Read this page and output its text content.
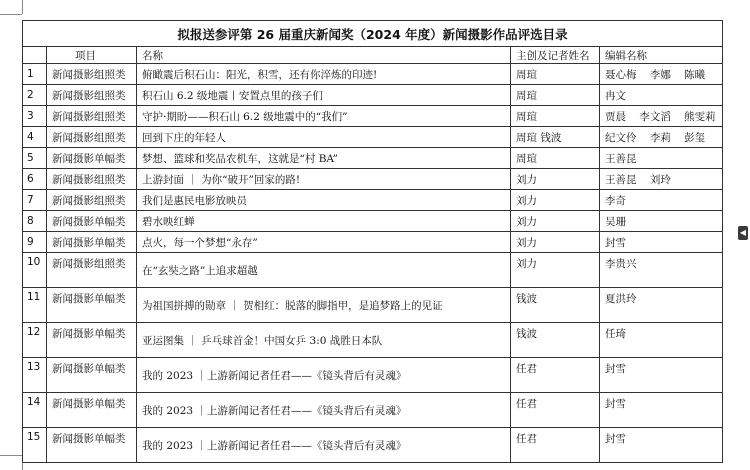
◀
拟报送参评第 26 届重庆新闻奖（2024 年度）新闻摄影作品评选目录				
	项目	名称	主创及记者姓名	编辑名称
1	新闻摄影组照类	俯瞰震后积石山：阳光，积雪，还有你淬炼的印迹!	周瑄	聂心梅 李娜 陈曦
2	新闻摄影组照类	积石山 6.2 级地震丨安置点里的孩子们	周瑄	冉文
3	新闻摄影组照类	守护·期盼——积石山 6.2 级地震中的“我们”	周瑄	贾晨 李文滔 熊雯莉
4	新闻摄影组照类	回到下庄的年轻人	周瑄 钱波	纪文伶 李莉 彭玺
5	新闻摄影单幅类	梦想、篮球和奖品农机车，这就是“村 BA”	周瑄	王善昆
6	新闻摄影组照类	上游封面 ｜ 为你“破开”回家的路!	刘力	王善昆 刘玲
7	新闻摄影组照类	我们是惠民电影放映员	刘力	李奇
8	新闻摄影单幅类	碧水映红蝉	刘力	吴珊
9	新闻摄影单幅类	点火，每一个梦想“永存”	刘力	封雪
10	新闻摄影组照类	在“玄奘之路”上追求超越	刘力	李贵兴
11	新闻摄影单幅类	为祖国拼搏的勋章 ｜ 贺相红：脱落的脚指甲，是追梦路上的见证	钱波	夏洪玲
12	新闻摄影单幅类	亚运图集 ｜ 乒乓球首金！中国女乒 3:0 战胜日本队	钱波	任琦
13	新闻摄影单幅类	我的 2023 ｜上游新闻记者任君——《镜头背后有灵魂》	任君	封雪
14	新闻摄影单幅类	我的 2023 ｜上游新闻记者任君——《镜头背后有灵魂》	任君	封雪
15	新闻摄影单幅类	我的 2023 ｜上游新闻记者任君——《镜头背后有灵魂》	任君	封雪
